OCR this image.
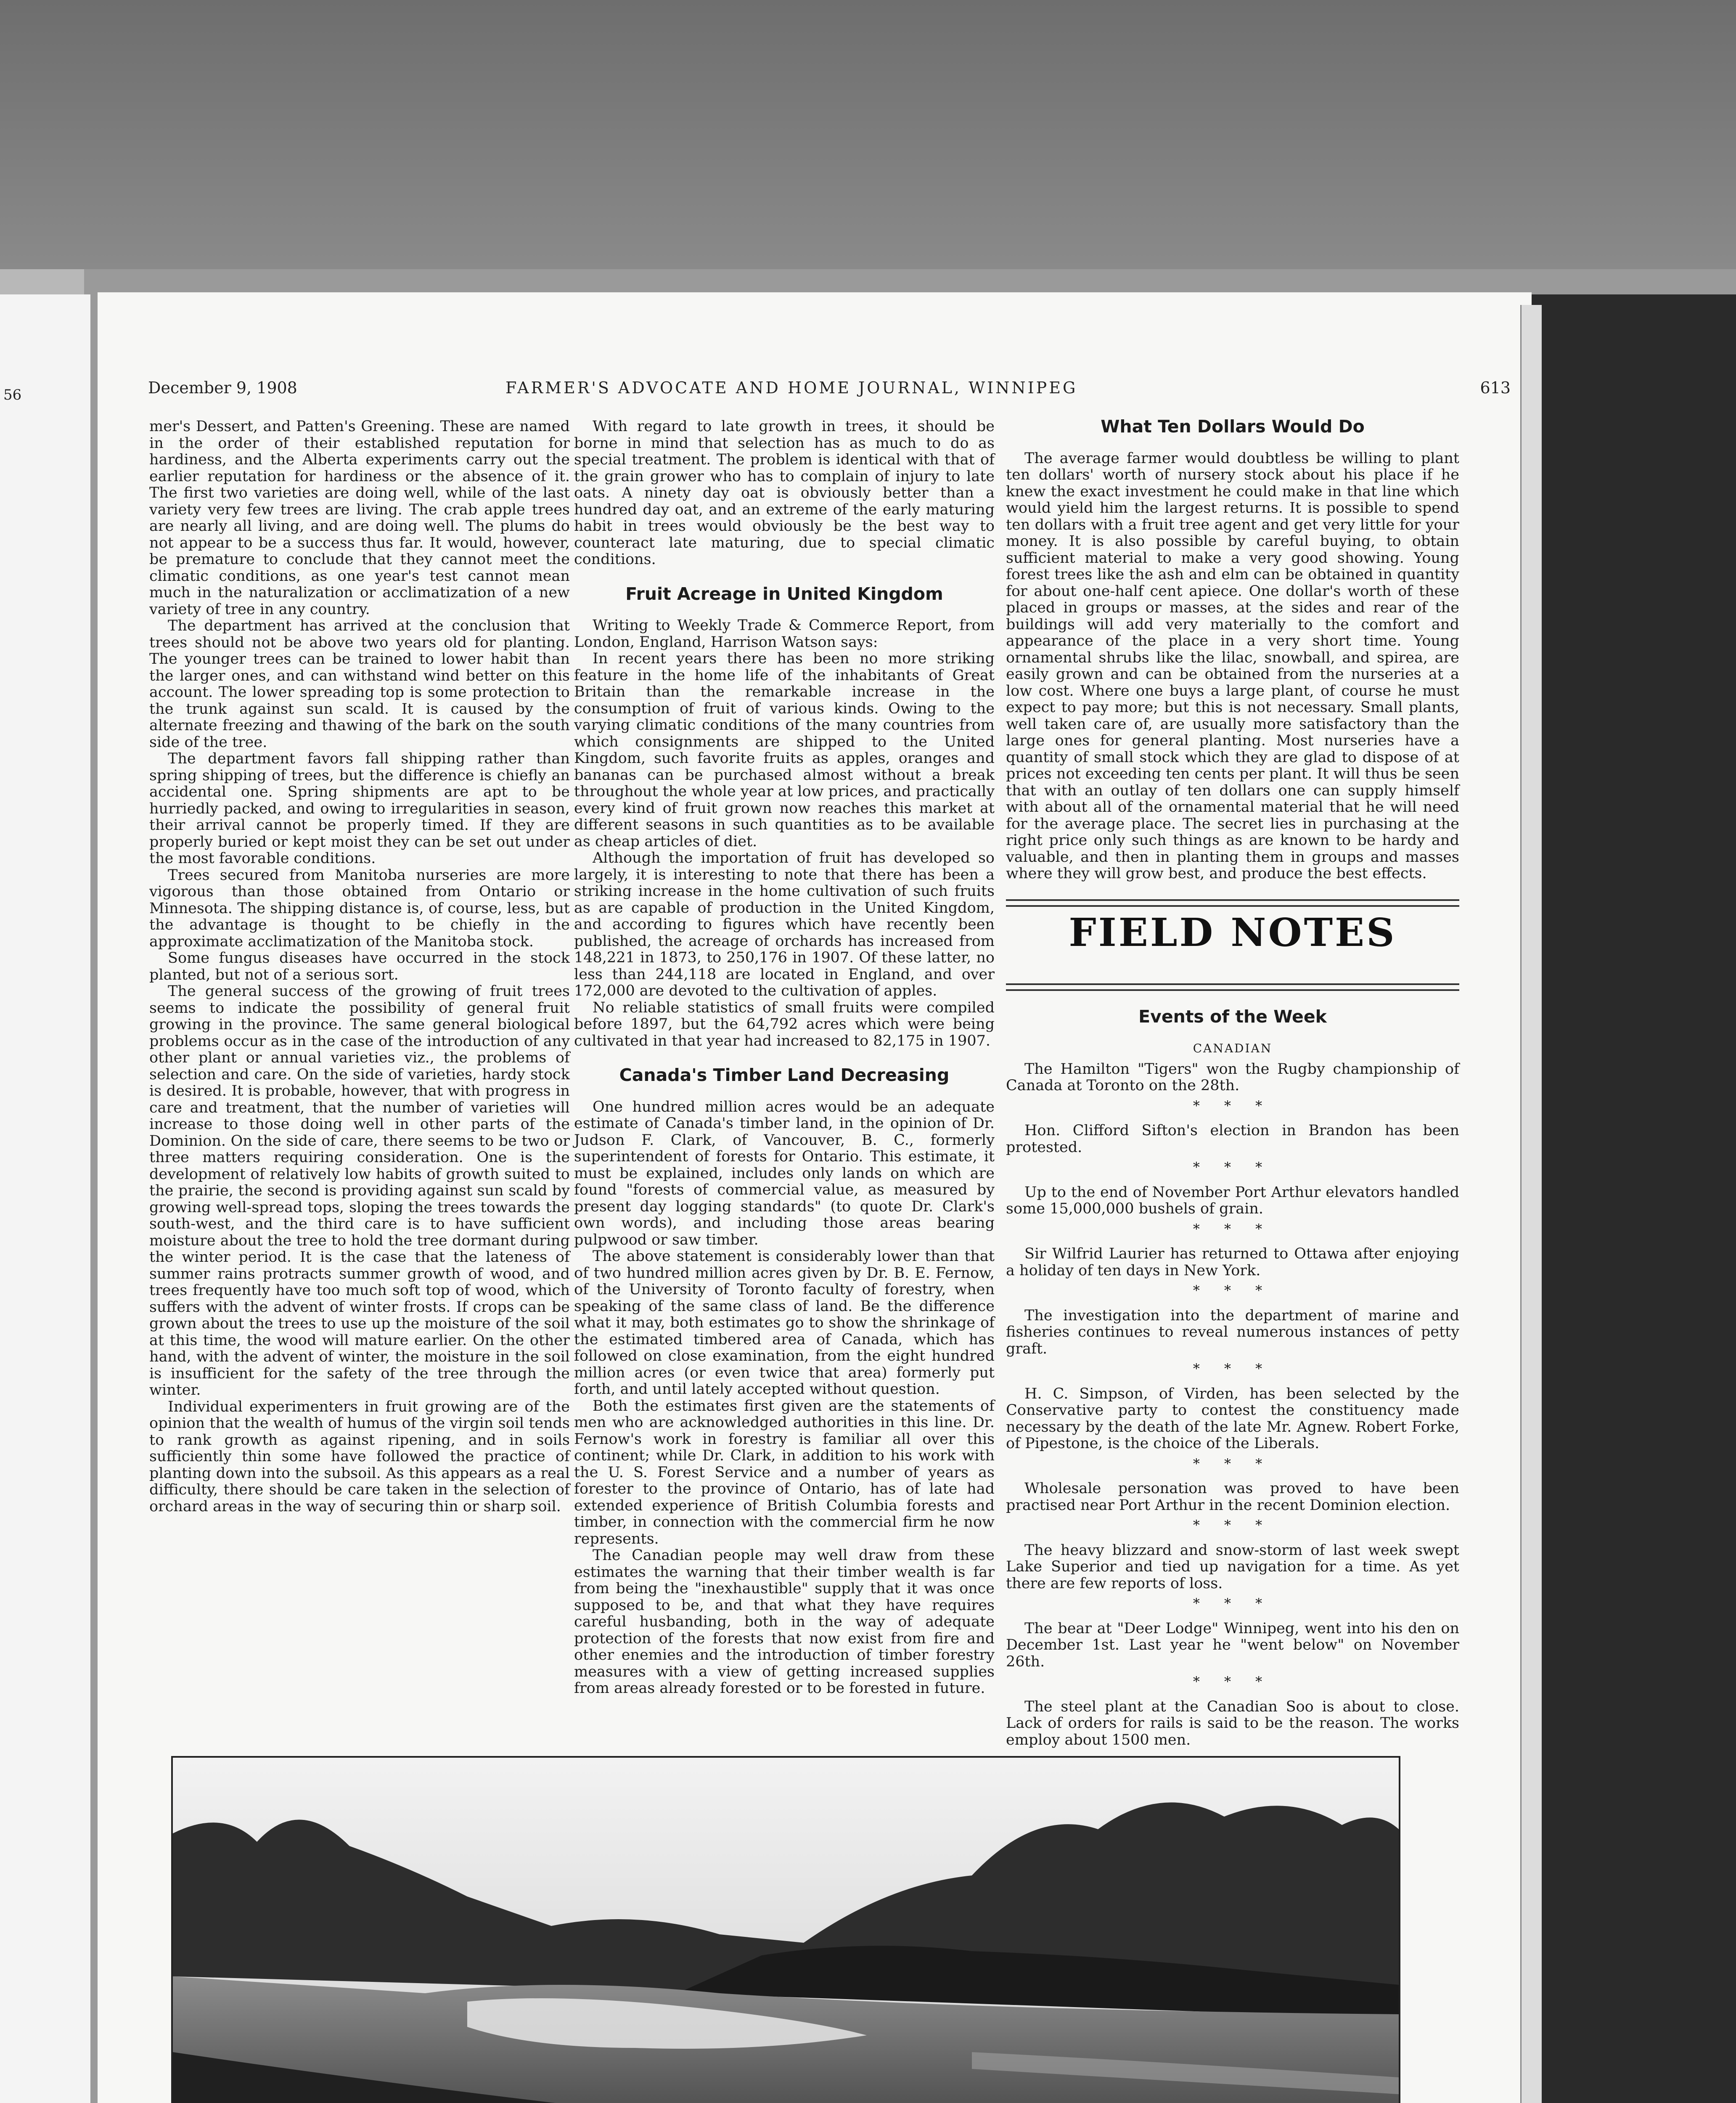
56	December 9, 1908	FARMER'S ADVOCATE AND HOME JOURNAL, WINNIPEG	613

mer's Dessert, and Patten's Greening. These are named in the order of their established reputation for hardiness, and the Alberta experiments carry out the earlier reputation for hardiness or the absence of it. The first two varieties are doing well, while of the last variety very few trees are living. The crab apple trees are nearly all living, and are doing well. The plums do not appear to be a success thus far. It would, however, be premature to conclude that they cannot meet the climatic conditions, as one year's test cannot mean much in the naturalization or acclimatization of a new variety of tree in any country.

The department has arrived at the conclusion that trees should not be above two years old for planting. The younger trees can be trained to lower habit than the larger ones, and can withstand wind better on this account. The lower spreading top is some protection to the trunk against sun scald. It is caused by the alternate freezing and thawing of the bark on the south side of the tree.

The department favors fall shipping rather than spring shipping of trees, but the difference is chiefly an accidental one. Spring shipments are apt to be hurriedly packed, and owing to irregularities in season, their arrival cannot be properly timed. If they are properly buried or kept moist they can be set out under the most favorable conditions.

Trees secured from Manitoba nurseries are more vigorous than those obtained from Ontario or Minnesota. The shipping distance is, of course, less, but the advantage is thought to be chiefly in the approximate acclimatization of the Manitoba stock.

Some fungus diseases have occurred in the stock planted, but not of a serious sort.

The general success of the growing of fruit trees seems to indicate the possibility of general fruit growing in the province. The same general biological problems occur as in the case of the introduction of any other plant or annual varieties viz., the problems of selection and care. On the side of varieties, hardy stock is desired. It is probable, however, that with progress in care and treatment, that the number of varieties will increase to those doing well in other parts of the Dominion. On the side of care, there seems to be two or three matters requiring consideration. One is the development of relatively low habits of growth suited to the prairie, the second is providing against sun scald by growing well-spread tops, sloping the trees towards the south-west, and the third care is to have sufficient moisture about the tree to hold the tree dormant during the winter period. It is the case that the lateness of summer rains protracts summer growth of wood, and trees frequently have too much soft top of wood, which suffers with the advent of winter frosts. If crops can be grown about the trees to use up the moisture of the soil at this time, the wood will mature earlier. On the other hand, with the advent of winter, the moisture in the soil is insufficient for the safety of the tree through the winter.

Individual experimenters in fruit growing are of the opinion that the wealth of humus of the virgin soil tends to rank growth as against ripening, and in soils sufficiently thin some have followed the practice of planting down into the subsoil. As this appears as a real difficulty, there should be care taken in the selection of orchard areas in the way of securing thin or sharp soil.

With regard to late growth in trees, it should be borne in mind that selection has as much to do as special treatment. The problem is identical with that of the grain grower who has to complain of injury to late oats. A ninety day oat is obviously better than a hundred day oat, and an extreme of the early maturing habit in trees would obviously be the best way to counteract late maturing, due to special climatic conditions.

Fruit Acreage in United Kingdom

Writing to Weekly Trade & Commerce Report, from London, England, Harrison Watson says:

In recent years there has been no more striking feature in the home life of the inhabitants of Great Britain than the remarkable increase in the consumption of fruit of various kinds. Owing to the varying climatic conditions of the many countries from which consignments are shipped to the United Kingdom, such favorite fruits as apples, oranges and bananas can be purchased almost without a break throughout the whole year at low prices, and practically every kind of fruit grown now reaches this market at different seasons in such quantities as to be available as cheap articles of diet.

Although the importation of fruit has developed so largely, it is interesting to note that there has been a striking increase in the home cultivation of such fruits as are capable of production in the United Kingdom, and according to figures which have recently been published, the acreage of orchards has increased from 148,221 in 1873, to 250,176 in 1907. Of these latter, no less than 244,118 are located in England, and over 172,000 are devoted to the cultivation of apples.

No reliable statistics of small fruits were compiled before 1897, but the 64,792 acres which were being cultivated in that year had increased to 82,175 in 1907.

Canada's Timber Land Decreasing

One hundred million acres would be an adequate estimate of Canada's timber land, in the opinion of Dr. Judson F. Clark, of Vancouver, B. C., formerly superintendent of forests for Ontario. This estimate, it must be explained, includes only lands on which are found "forests of commercial value, as measured by present day logging standards" (to quote Dr. Clark's own words), and including those areas bearing pulpwood or saw timber.

The above statement is considerably lower than that of two hundred million acres given by Dr. B. E. Fernow, of the University of Toronto faculty of forestry, when speaking of the same class of land. Be the difference what it may, both estimates go to show the shrinkage of the estimated timbered area of Canada, which has followed on close examination, from the eight hundred million acres (or even twice that area) formerly put forth, and until lately accepted without question.

Both the estimates first given are the statements of men who are acknowledged authorities in this line. Dr. Fernow's work in forestry is familiar all over this continent; while Dr. Clark, in addition to his work with the U. S. Forest Service and a number of years as forester to the province of Ontario, has of late had extended experience of British Columbia forests and timber, in connection with the commercial firm he now represents.

The Canadian people may well draw from these estimates the warning that their timber wealth is far from being the "inexhaustible" supply that it was once supposed to be, and that what they have requires careful husbanding, both in the way of adequate protection of the forests that now exist from fire and other enemies and the introduction of timber forestry measures with a view of getting increased supplies from areas already forested or to be forested in future.

What Ten Dollars Would Do

The average farmer would doubtless be willing to plant ten dollars' worth of nursery stock about his place if he knew the exact investment he could make in that line which would yield him the largest returns. It is possible to spend ten dollars with a fruit tree agent and get very little for your money. It is also possible by careful buying, to obtain sufficient material to make a very good showing. Young forest trees like the ash and elm can be obtained in quantity for about one-half cent apiece. One dollar's worth of these placed in groups or masses, at the sides and rear of the buildings will add very materially to the comfort and appearance of the place in a very short time. Young ornamental shrubs like the lilac, snowball, and spirea, are easily grown and can be obtained from the nurseries at a low cost. Where one buys a large plant, of course he must expect to pay more; but this is not necessary. Small plants, well taken care of, are usually more satisfactory than the large ones for general planting. Most nurseries have a quantity of small stock which they are glad to dispose of at prices not exceeding ten cents per plant. It will thus be seen that with an outlay of ten dollars one can supply himself with about all of the ornamental material that he will need for the average place. The secret lies in purchasing at the right price only such things as are known to be hardy and valuable, and then in planting them in groups and masses where they will grow best, and produce the best effects.

FIELD NOTES
Events of the Week
CANADIAN

The Hamilton "Tigers" won the Rugby championship of Canada at Toronto on the 28th.

* * *

Hon. Clifford Sifton's election in Brandon has been protested.

* * *

Up to the end of November Port Arthur elevators handled some 15,000,000 bushels of grain.

* * *

Sir Wilfrid Laurier has returned to Ottawa after enjoying a holiday of ten days in New York.

* * *

The investigation into the department of marine and fisheries continues to reveal numerous instances of petty graft.

* * *

H. C. Simpson, of Virden, has been selected by the Conservative party to contest the constituency made necessary by the death of the late Mr. Agnew. Robert Forke, of Pipestone, is the choice of the Liberals.

* * *

Wholesale personation was proved to have been practised near Port Arthur in the recent Dominion election.

* * *

The heavy blizzard and snow-storm of last week swept Lake Superior and tied up navigation for a time. As yet there are few reports of loss.

* * *

The bear at "Deer Lodge" Winnipeg, went into his den on December 1st. Last year he "went below" on November 26th.

* * *

The steel plant at the Canadian Soo is about to close. Lack of orders for rails is said to be the reason. The works employ about 1500 men.
